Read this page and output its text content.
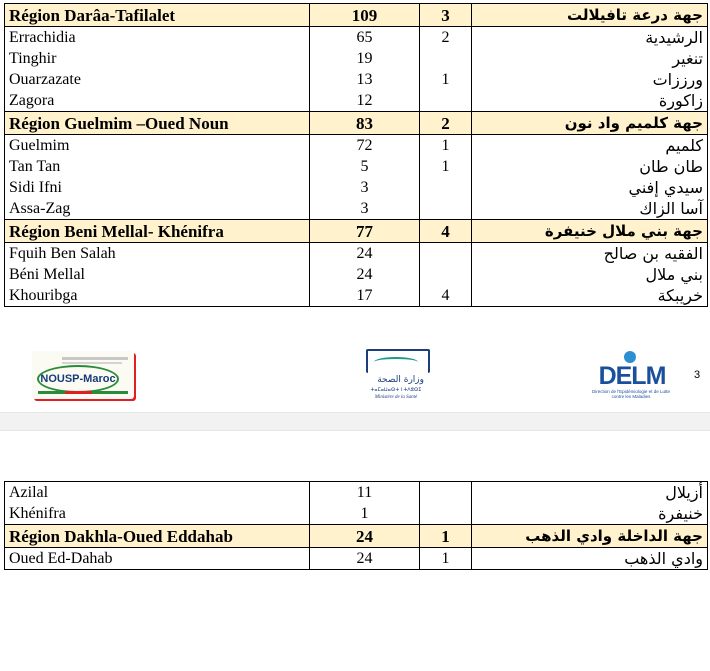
Région Darâa-Tafilalet	109	3	جهة درعة تافيلالت
Errachidia	65	2	الرشيدية
Tinghir	19		تنغير
Ouarzazate	13	1	ورززات
Zagora	12		زاكورة
Région Guelmim –Oued Noun	83	2	جهة كلميم واد نون
Guelmim	72	1	كلميم
Tan Tan	5	1	طان طان
Sidi Ifni	3		سيدي إفني
Assa-Zag	3		آسا الزاك
Région Beni Mellal- Khénifra	77	4	جهة بني ملال خنيفرة
Fquih Ben Salah	24		الفقيه بن صالح
Béni Mellal	24		بني ملال
Khouribga	17	4	خريبكة
NOUSP-Maroc	وزارة الصحة
ⵜⴰⵎⴰⵡⴰⵙⵜ ⵏ ⵜⴷⵓⵙⵉ
Ministère de la Santé
DELM
Direction de l'Epidémiologie et de Lutte contre les Maladies
3
Azilal	11		أزيلال
Khénifra	1		خنيفرة
Région Dakhla-Oued Eddahab	24	1	جهة الداخلة وادي الذهب
Oued Ed-Dahab	24	1	وادي الذهب
